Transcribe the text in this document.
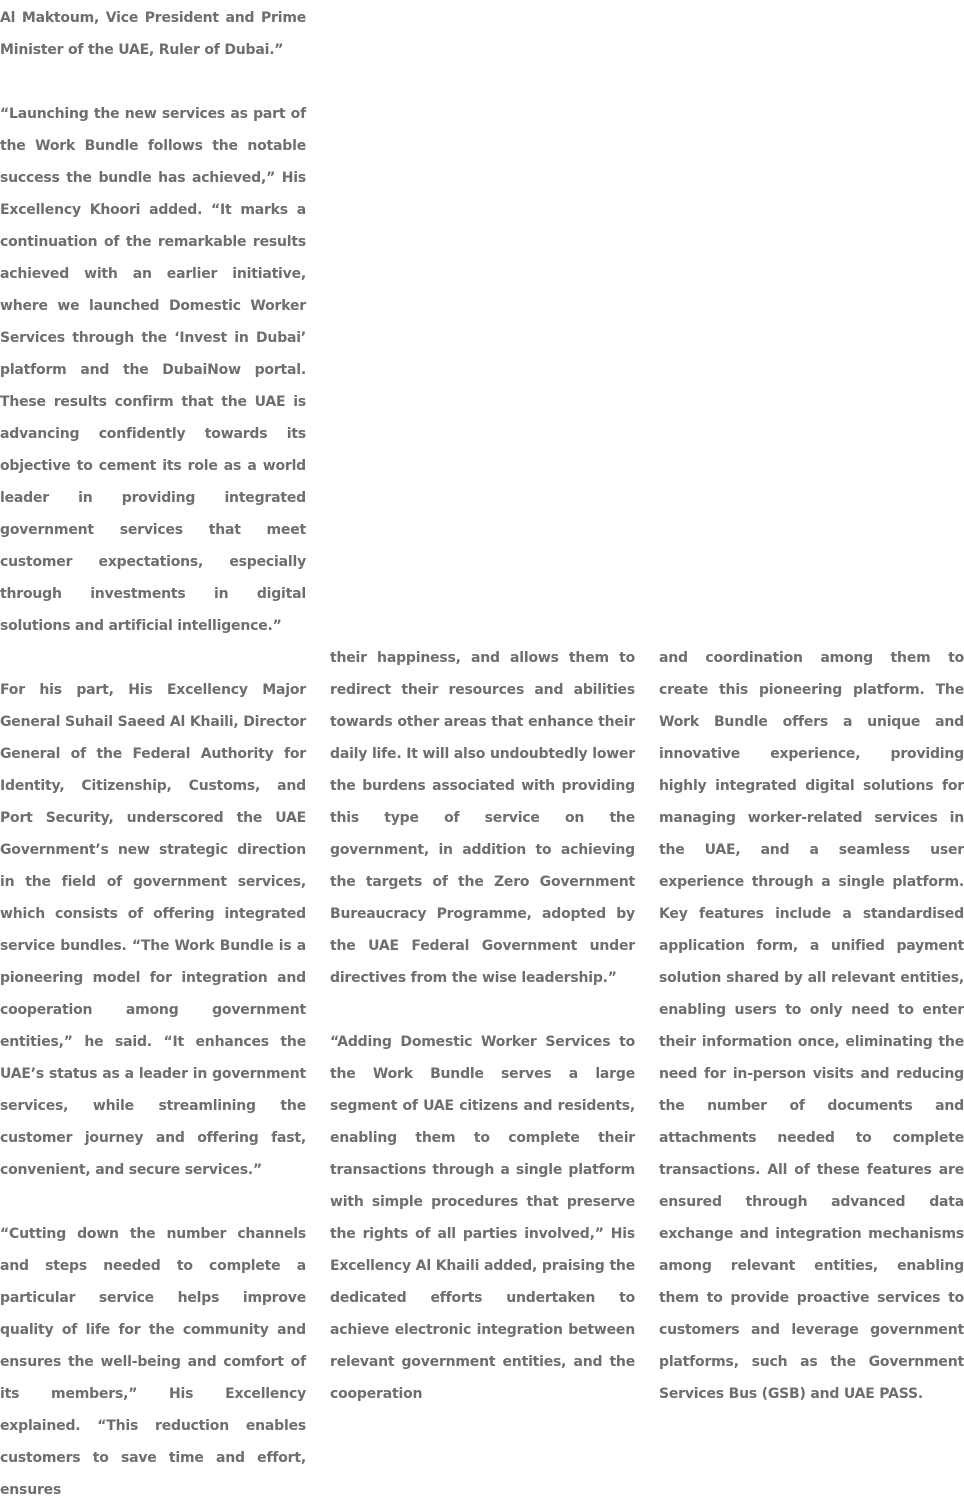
Al Maktoum, Vice President and Prime Minister of the UAE, Ruler of Dubai.”

“Launching the new services as part of the Work Bundle follows the notable success the bundle has achieved,” His Excellency Khoori added. “It marks a continuation of the remarkable results achieved with an earlier initiative, where we launched Domestic Worker Services through the ‘Invest in Dubai’ platform and the DubaiNow portal. These results confirm that the UAE is advancing confidently towards its objective to cement its role as a world leader in providing integrated government services that meet customer expectations, especially through investments in digital solutions and artificial intelligence.”

For his part, His Excellency Major General Suhail Saeed Al Khaili, Director General of the Federal Authority for Identity, Citizenship, Customs, and Port Security, underscored the UAE Government’s new strategic direction in the field of government services, which consists of offering integrated service bundles. “The Work Bundle is a pioneering model for integration and cooperation among government entities,” he said. “It enhances the UAE’s status as a leader in government services, while streamlining the customer journey and offering fast, convenient, and secure services.”

“Cutting down the number channels and steps needed to complete a particular service helps improve quality of life for the community and ensures the well-being and comfort of its members,” His Excellency explained. “This reduction enables customers to save time and effort, ensures

their happiness, and allows them to redirect their resources and abilities towards other areas that enhance their daily life. It will also undoubtedly lower the burdens associated with providing this type of service on the government, in addition to achieving the targets of the Zero Government Bureaucracy Programme, adopted by the UAE Federal Government under directives from the wise leadership.”

“Adding Domestic Worker Services to the Work Bundle serves a large segment of UAE citizens and residents, enabling them to complete their transactions through a single platform with simple procedures that preserve the rights of all parties involved,” His Excellency Al Khaili added, praising the dedicated efforts undertaken to achieve electronic integration between relevant government entities, and the cooperation

and coordination among them to create this pioneering platform. The Work Bundle offers a unique and innovative experience, providing highly integrated digital solutions for managing worker-related services in the UAE, and a seamless user experience through a single platform. Key features include a standardised application form, a unified payment solution shared by all relevant entities, enabling users to only need to enter their information once, eliminating the need for in-person visits and reducing the number of documents and attachments needed to complete transactions. All of these features are ensured through advanced data exchange and integration mechanisms among relevant entities, enabling them to provide proactive services to customers and leverage government platforms, such as the Government Services Bus (GSB) and UAE PASS.
